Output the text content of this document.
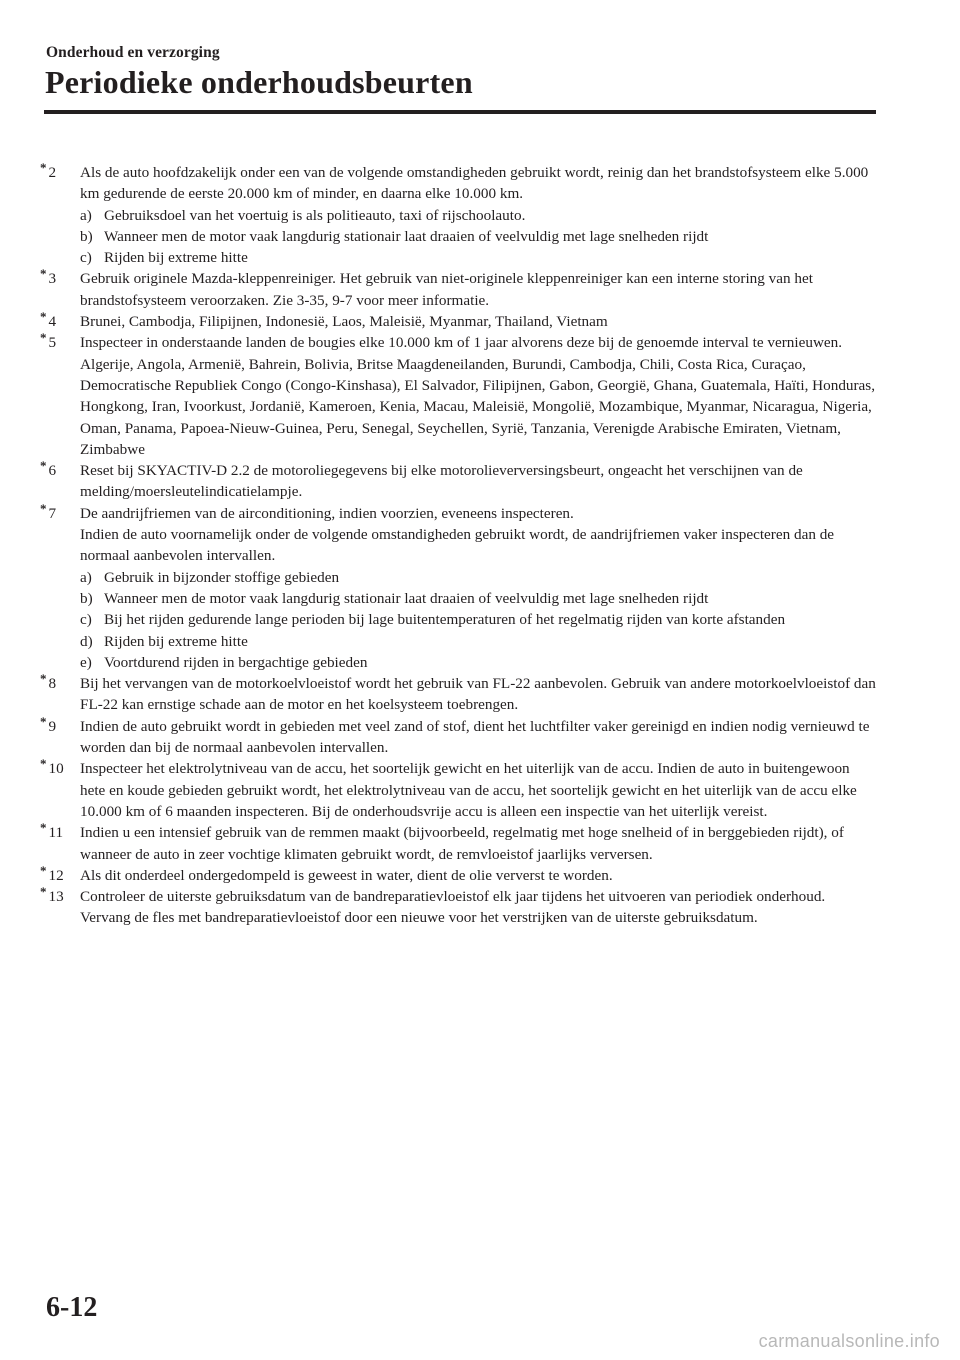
Onderhoud en verzorging
Periodieke onderhoudsbeurten
* 2 Als de auto hoofdzakelijk onder een van de volgende omstandigheden gebruikt wordt, reinig dan het brandstofsysteem elke 5.000 km gedurende de eerste 20.000 km of minder, en daarna elke 10.000 km.
a) Gebruiksdoel van het voertuig is als politieauto, taxi of rijschoolauto.
b) Wanneer men de motor vaak langdurig stationair laat draaien of veelvuldig met lage snelheden rijdt
c) Rijden bij extreme hitte
* 3 Gebruik originele Mazda-kleppenreiniger. Het gebruik van niet-originele kleppenreiniger kan een interne storing van het brandstofsysteem veroorzaken. Zie 3-35, 9-7 voor meer informatie.
* 4 Brunei, Cambodja, Filipijnen, Indonesië, Laos, Maleisië, Myanmar, Thailand, Vietnam
* 5 Inspecteer in onderstaande landen de bougies elke 10.000 km of 1 jaar alvorens deze bij de genoemde interval te vernieuwen.
Algerije, Angola, Armenië, Bahrein, Bolivia, Britse Maagdeneilanden, Burundi, Cambodja, Chili, Costa Rica, Curaçao, Democratische Republiek Congo (Congo-Kinshasa), El Salvador, Filipijnen, Gabon, Georgië, Ghana, Guatemala, Haïti, Honduras, Hongkong, Iran, Ivoorkust, Jordanië, Kameroen, Kenia, Macau, Maleisië, Mongolië, Mozambique, Myanmar, Nicaragua, Nigeria, Oman, Panama, Papoea-Nieuw-Guinea, Peru, Senegal, Seychellen, Syrië, Tanzania, Verenigde Arabische Emiraten, Vietnam, Zimbabwe
* 6 Reset bij SKYACTIV-D 2.2 de motoroliegegevens bij elke motorolieverversingsbeurt, ongeacht het verschijnen van de melding/moersleutelindicatielampje.
* 7 De aandrijfriemen van de airconditioning, indien voorzien, eveneens inspecteren.
Indien de auto voornamelijk onder de volgende omstandigheden gebruikt wordt, de aandrijfriemen vaker inspecteren dan de normaal aanbevolen intervallen.
a) Gebruik in bijzonder stoffige gebieden
b) Wanneer men de motor vaak langdurig stationair laat draaien of veelvuldig met lage snelheden rijdt
c) Bij het rijden gedurende lange perioden bij lage buitentemperaturen of het regelmatig rijden van korte afstanden
d) Rijden bij extreme hitte
e) Voortdurend rijden in bergachtige gebieden
* 8 Bij het vervangen van de motorkoelvloeistof wordt het gebruik van FL-22 aanbevolen. Gebruik van andere motorkoelvloeistof dan FL-22 kan ernstige schade aan de motor en het koelsysteem toebrengen.
* 9 Indien de auto gebruikt wordt in gebieden met veel zand of stof, dient het luchtfilter vaker gereinigd en indien nodig vernieuwd te worden dan bij de normaal aanbevolen intervallen.
* 10 Inspecteer het elektrolytniveau van de accu, het soortelijk gewicht en het uiterlijk van de accu. Indien de auto in buitengewoon hete en koude gebieden gebruikt wordt, het elektrolytniveau van de accu, het soortelijk gewicht en het uiterlijk van de accu elke 10.000 km of 6 maanden inspecteren. Bij de onderhoudsvrije accu is alleen een inspectie van het uiterlijk vereist.
* 11 Indien u een intensief gebruik van de remmen maakt (bijvoorbeeld, regelmatig met hoge snelheid of in berggebieden rijdt), of wanneer de auto in zeer vochtige klimaten gebruikt wordt, de remvloeistof jaarlijks verversen.
* 12 Als dit onderdeel ondergedompeld is geweest in water, dient de olie ververst te worden.
* 13 Controleer de uiterste gebruiksdatum van de bandreparatievloeistof elk jaar tijdens het uitvoeren van periodiek onderhoud. Vervang de fles met bandreparatievloeistof door een nieuwe voor het verstrijken van de uiterste gebruiksdatum.
6-12
carmanualsonline.info
